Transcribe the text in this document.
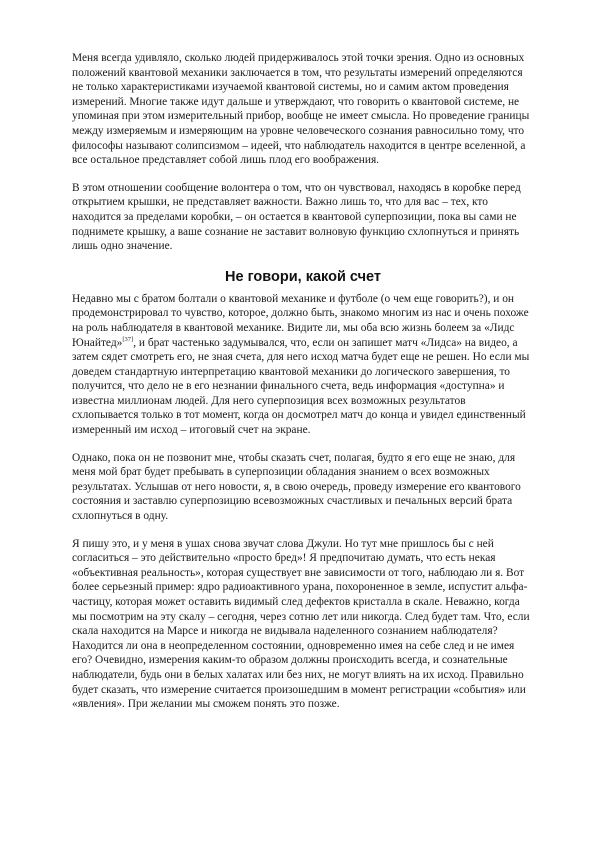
Меня всегда удивляло, сколько людей придерживалось этой точки зрения. Одно из основных положений квантовой механики заключается в том, что результаты измерений определяются не только характеристиками изучаемой квантовой системы, но и самим актом проведения измерений. Многие также идут дальше и утверждают, что говорить о квантовой системе, не упоминая при этом измерительный прибор, вообще не имеет смысла. Но проведение границы между измеряемым и измеряющим на уровне человеческого сознания равносильно тому, что философы называют солипсизмом – идеей, что наблюдатель находится в центре вселенной, а все остальное представляет собой лишь плод его воображения.

В этом отношении сообщение волонтера о том, что он чувствовал, находясь в коробке перед открытием крышки, не представляет важности. Важно лишь то, что для вас – тех, кто находится за пределами коробки, – он остается в квантовой суперпозиции, пока вы сами не поднимете крышку, а ваше сознание не заставит волновую функцию схлопнуться и принять лишь одно значение.

Не говори, какой счет

Недавно мы с братом болтали о квантовой механике и футболе (о чем еще говорить?), и он продемонстрировал то чувство, которое, должно быть, знакомо многим из нас и очень похоже на роль наблюдателя в квантовой механике. Видите ли, мы оба всю жизнь болеем за «Лидс Юнайтед»[37], и брат частенько задумывался, что, если он запишет матч «Лидса» на видео, а затем сядет смотреть его, не зная счета, для него исход матча будет еще не решен. Но если мы доведем стандартную интерпретацию квантовой механики до логического завершения, то получится, что дело не в его незнании финального счета, ведь информация «доступна» и известна миллионам людей. Для него суперпозиция всех возможных результатов схлопывается только в тот момент, когда он досмотрел матч до конца и увидел единственный измеренный им исход – итоговый счет на экране.

Однако, пока он не позвонит мне, чтобы сказать счет, полагая, будто я его еще не знаю, для меня мой брат будет пребывать в суперпозиции обладания знанием о всех возможных результатах. Услышав от него новости, я, в свою очередь, проведу измерение его квантового состояния и заставлю суперпозицию всевозможных счастливых и печальных версий брата схлопнуться в одну.

Я пишу это, и у меня в ушах снова звучат слова Джули. Но тут мне пришлось бы с ней согласиться – это действительно «просто бред»! Я предпочитаю думать, что есть некая «объективная реальность», которая существует вне зависимости от того, наблюдаю ли я. Вот более серьезный пример: ядро радиоактивного урана, похороненное в земле, испустит альфа-частицу, которая может оставить видимый след дефектов кристалла в скале. Неважно, когда мы посмотрим на эту скалу – сегодня, через сотню лет или никогда. След будет там. Что, если скала находится на Марсе и никогда не видывала наделенного сознанием наблюдателя? Находится ли она в неопределенном состоянии, одновременно имея на себе след и не имея его? Очевидно, измерения каким-то образом должны происходить всегда, и сознательные наблюдатели, будь они в белых халатах или без них, не могут влиять на их исход. Правильно будет сказать, что измерение считается произошедшим в момент регистрации «события» или «явления». При желании мы сможем понять это позже.
